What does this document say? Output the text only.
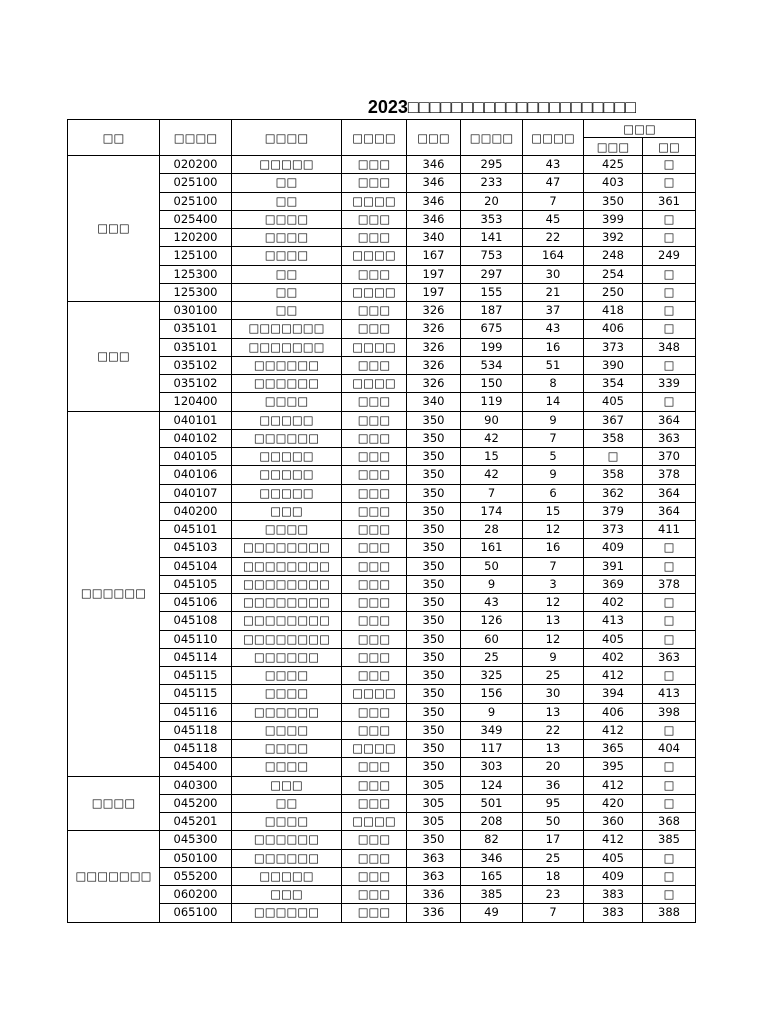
2023□□□□□□□□□□□□□□□□□□□□□
□□	□□□□	□□□□	□□□□	□□□	□□□□	□□□□	□□□	
							□□□	□□
□□□	020200	□□□□□	□□□	346	295	43	425	□
	025100	□□	□□□	346	233	47	403	□
	025100	□□	□□□□	346	20	7	350	361
	025400	□□□□	□□□	346	353	45	399	□
	120200	□□□□	□□□	340	141	22	392	□
	125100	□□□□	□□□□	167	753	164	248	249
	125300	□□	□□□	197	297	30	254	□
	125300	□□	□□□□	197	155	21	250	□
□□□	030100	□□	□□□	326	187	37	418	□
	035101	□□□□□□□	□□□	326	675	43	406	□
	035101	□□□□□□□	□□□□	326	199	16	373	348
	035102	□□□□□□	□□□	326	534	51	390	□
	035102	□□□□□□	□□□□	326	150	8	354	339
	120400	□□□□	□□□	340	119	14	405	□
□□□□□□	040101	□□□□□	□□□	350	90	9	367	364
	040102	□□□□□□	□□□	350	42	7	358	363
	040105	□□□□□	□□□	350	15	5	□	370
	040106	□□□□□	□□□	350	42	9	358	378
	040107	□□□□□	□□□	350	7	6	362	364
	040200	□□□	□□□	350	174	15	379	364
	045101	□□□□	□□□	350	28	12	373	411
	045103	□□□□□□□□	□□□	350	161	16	409	□
	045104	□□□□□□□□	□□□	350	50	7	391	□
	045105	□□□□□□□□	□□□	350	9	3	369	378
	045106	□□□□□□□□	□□□	350	43	12	402	□
	045108	□□□□□□□□	□□□	350	126	13	413	□
	045110	□□□□□□□□	□□□	350	60	12	405	□
	045114	□□□□□□	□□□	350	25	9	402	363
	045115	□□□□	□□□	350	325	25	412	□
	045115	□□□□	□□□□	350	156	30	394	413
	045116	□□□□□□	□□□	350	9	13	406	398
	045118	□□□□	□□□	350	349	22	412	□
	045118	□□□□	□□□□	350	117	13	365	404
	045400	□□□□	□□□	350	303	20	395	□
□□□□	040300	□□□	□□□	305	124	36	412	□
	045200	□□	□□□	305	501	95	420	□
	045201	□□□□	□□□□	305	208	50	360	368
□□□□□□□	045300	□□□□□□	□□□	350	82	17	412	385
	050100	□□□□□□	□□□	363	346	25	405	□
	055200	□□□□□	□□□	363	165	18	409	□
	060200	□□□	□□□	336	385	23	383	□
	065100	□□□□□□	□□□	336	49	7	383	388
